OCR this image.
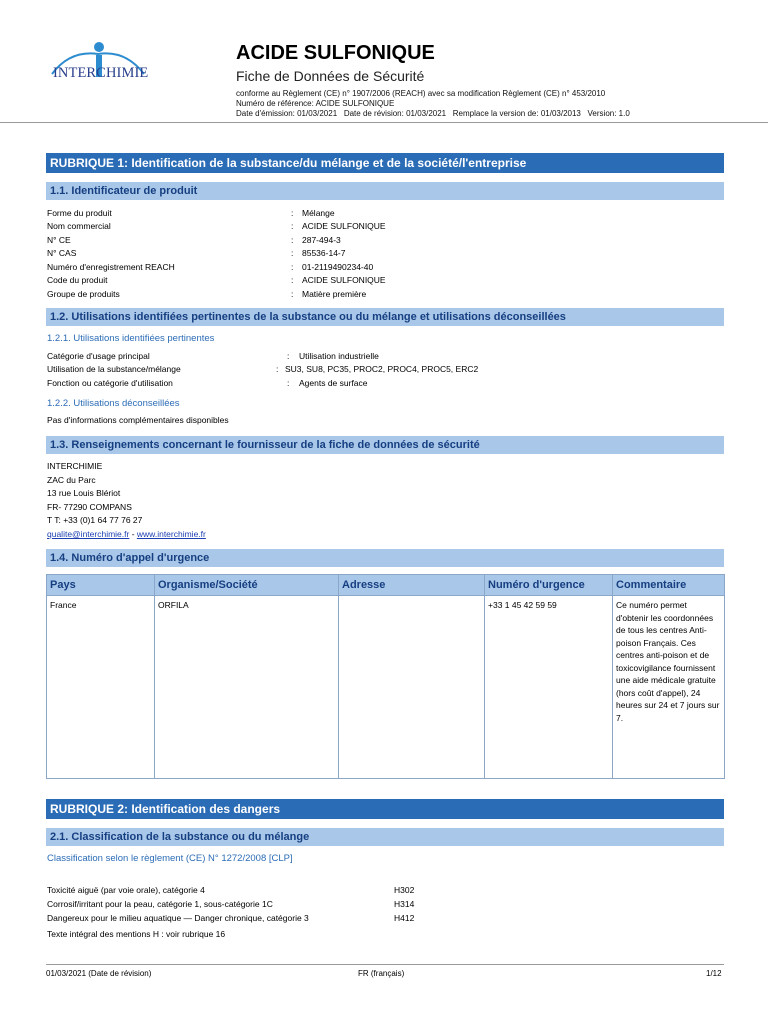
INTERCHIMIE
ACIDE SULFONIQUE
Fiche de Données de Sécurité
conforme au Règlement (CE) n° 1907/2006 (REACH) avec sa modification Règlement (CE) n° 453/2010
Numéro de référence: ACIDE SULFONIQUE
Date d'émission: 01/03/2021   Date de révision: 01/03/2021   Remplace la version de: 01/03/2013   Version: 1.0
RUBRIQUE 1: Identification de la substance/du mélange et de la société/l'entreprise
1.1. Identificateur de produit
Forme du produit	: Mélange
Nom commercial	: ACIDE SULFONIQUE
N° CE	: 287-494-3
N° CAS	: 85536-14-7
Numéro d'enregistrement REACH	: 01-2119490234-40
Code du produit	: ACIDE SULFONIQUE
Groupe de produits	: Matière première
1.2. Utilisations identifiées pertinentes de la substance ou du mélange et utilisations déconseillées
1.2.1. Utilisations identifiées pertinentes
Catégorie d'usage principal	: Utilisation industrielle
Utilisation de la substance/mélange	: SU3, SU8, PC35, PROC2, PROC4, PROC5, ERC2
Fonction ou catégorie d'utilisation	: Agents de surface
1.2.2. Utilisations déconseillées
Pas d'informations complémentaires disponibles
1.3. Renseignements concernant le fournisseur de la fiche de données de sécurité
INTERCHIMIE
ZAC du Parc
13 rue Louis Blériot
FR- 77290 COMPANS
T T: +33 (0)1 64 77 76 27
qualite@interchimie.fr - www.interchimie.fr
1.4. Numéro d'appel d'urgence
Pays	Organisme/Société	Adresse	Numéro d'urgence	Commentaire
France	ORFILA		+33 1 45 42 59 59	Ce numéro permet d'obtenir les coordonnées de tous les centres Anti-poison Français. Ces centres anti-poison et de toxicovigilance fournissent une aide médicale gratuite (hors coût d'appel), 24 heures sur 24 et 7 jours sur 7.
RUBRIQUE 2: Identification des dangers
2.1. Classification de la substance ou du mélange
Classification selon le règlement (CE) N° 1272/2008 [CLP]
Toxicité aiguë (par voie orale), catégorie 4	H302
Corrosif/irritant pour la peau, catégorie 1, sous-catégorie 1C	H314
Dangereux pour le milieu aquatique — Danger chronique, catégorie 3	H412
Texte intégral des mentions H : voir rubrique 16
01/03/2021 (Date de révision)	FR (français)	1/12
